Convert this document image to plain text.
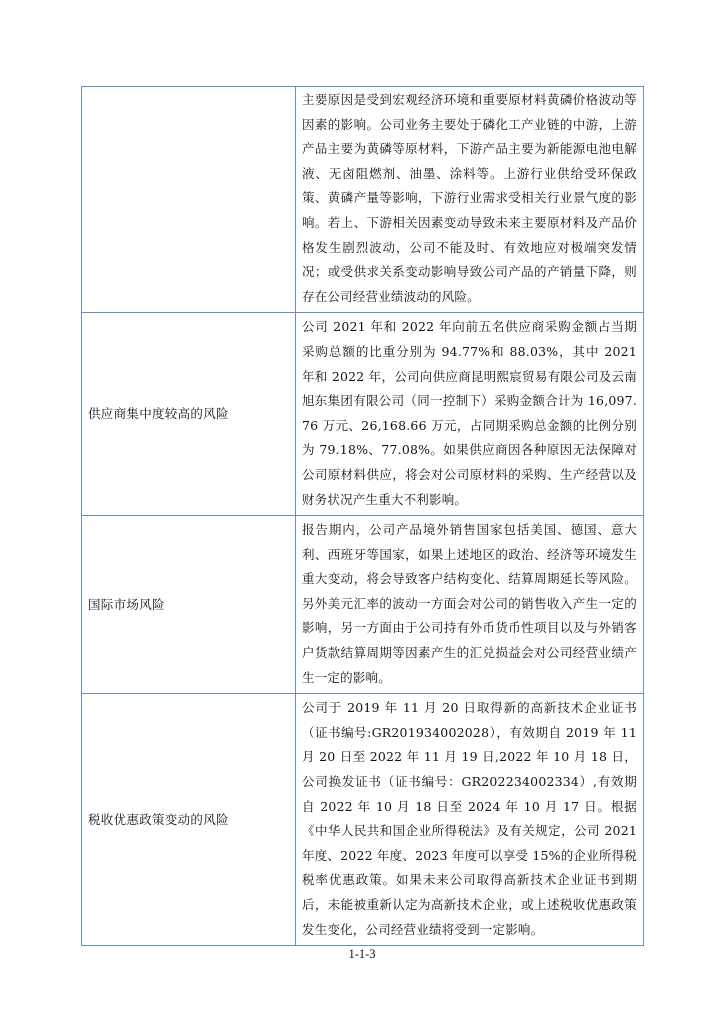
	主要原因是受到宏观经济环境和重要原材料黄磷价格波动等因素的影响。公司业务主要处于磷化工产业链的中游，上游产品主要为黄磷等原材料，下游产品主要为新能源电池电解液、无卤阻燃剂、油墨、涂料等。上游行业供给受环保政策、黄磷产量等影响，下游行业需求受相关行业景气度的影响。若上、下游相关因素变动导致未来主要原材料及产品价格发生剧烈波动，公司不能及时、有效地应对极端突发情况；或受供求关系变动影响导致公司产品的产销量下降，则存在公司经营业绩波动的风险。

供应商集中度较高的风险	公司 2021 年和 2022 年向前五名供应商采购金额占当期采购总额的比重分别为 94.77%和 88.03%，其中 2021 年和 2022 年，公司向供应商昆明熙宸贸易有限公司及云南旭东集团有限公司（同一控制下）采购金额合计为 16,097.76 万元、26,168.66 万元，占同期采购总金额的比例分别为 79.18%、77.08%。如果供应商因各种原因无法保障对公司原材料供应，将会对公司原材料的采购、生产经营以及财务状况产生重大不利影响。

国际市场风险	报告期内，公司产品境外销售国家包括美国、德国、意大利、西班牙等国家，如果上述地区的政治、经济等环境发生重大变动，将会导致客户结构变化、结算周期延长等风险。另外美元汇率的波动一方面会对公司的销售收入产生一定的影响，另一方面由于公司持有外币货币性项目以及与外销客户货款结算周期等因素产生的汇兑损益会对公司经营业绩产生一定的影响。

税收优惠政策变动的风险	公司于 2019 年 11 月 20 日取得新的高新技术企业证书（证书编号:GR201934002028），有效期自 2019 年 11 月 20 日至 2022 年 11 月 19 日,2022 年 10 月 18 日，公司换发证书（证书编号：GR202234002334）,有效期自 2022 年 10 月 18 日至 2024 年 10 月 17 日。根据《中华人民共和国企业所得税法》及有关规定，公司 2021 年度、2022 年度、2023 年度可以享受 15%的企业所得税税率优惠政策。如果未来公司取得高新技术企业证书到期后，未能被重新认定为高新技术企业，或上述税收优惠政策发生变化，公司经营业绩将受到一定影响。
1-1-3
